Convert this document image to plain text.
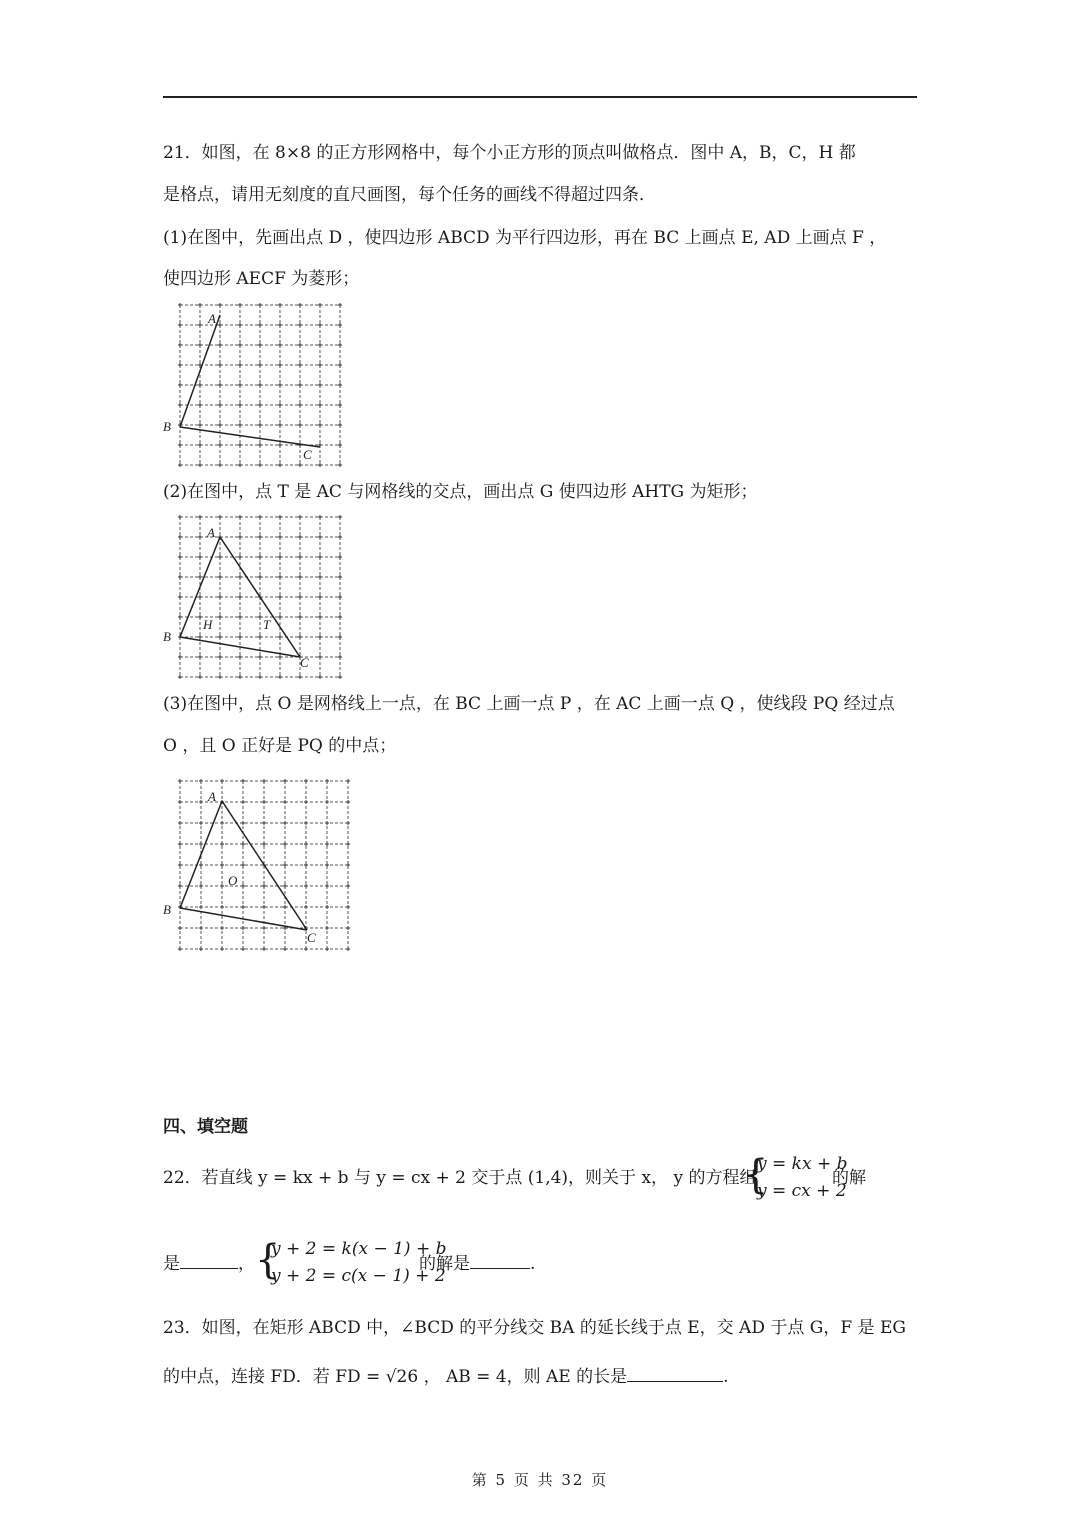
21．如图，在 8×8 的正方形网格中，每个小正方形的顶点叫做格点．图中 A，B，C，H 都
是格点，请用无刻度的直尺画图，每个任务的画线不得超过四条．
(1)在图中，先画出点 D ，使四边形 ABCD 为平行四边形，再在 BC 上画点 E, AD 上画点 F ，
使四边形 AECF 为菱形；
A
B
C
(2)在图中，点 T 是 AC 与网格线的交点，画出点 G 使四边形 AHTG 为矩形；
A
B
C
H	T
(3)在图中，点 O 是网格线上一点，在 BC 上画一点 P ，在 AC 上画一点 Q ，使线段 PQ 经过点
O ，且 O 正好是 PQ 的中点；
A
B
C
O
四、填空题
22．若直线 y = kx + b 与 y = cx + 2 交于点 (1,4)，则关于 x， y 的方程组
{
y = kx + b
y = cx + 2
的解
是	， {
y + 2 = k(x − 1) + b
y + 2 = c(x − 1) + 2
的解是	.
23．如图，在矩形 ABCD 中，∠BCD 的平分线交 BA 的延长线于点 E，交 AD 于点 G，F 是 EG
的中点，连接 FD．若 FD = √26 ， AB = 4，则 AE 的长是	.
第 5 页 共 32 页
